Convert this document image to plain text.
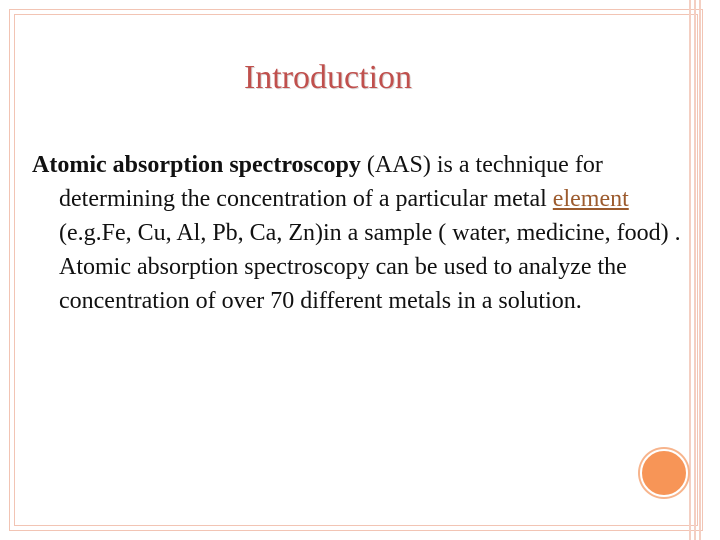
Introduction

Atomic absorption spectroscopy (AAS) is a technique for determining the concentration of a particular metal element (e.g.Fe, Cu, Al, Pb, Ca, Zn)in a sample ( water, medicine, food) . Atomic absorption spectroscopy can be used to analyze the concentration of over 70 different metals in a solution.
